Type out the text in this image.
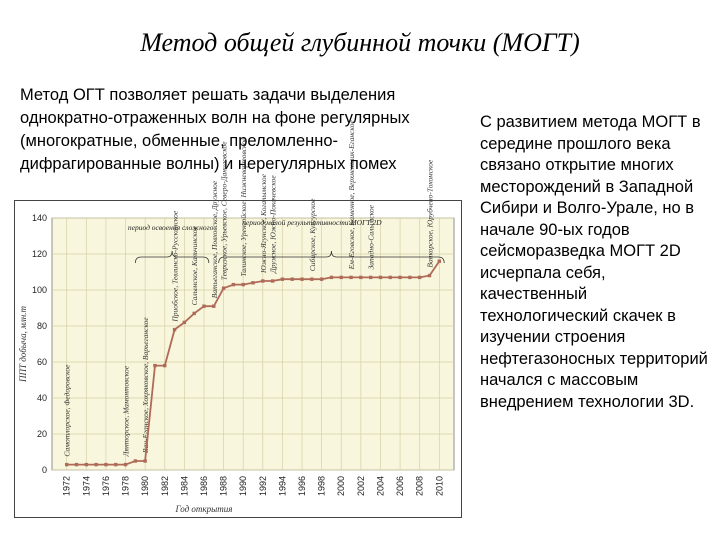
Метод общей глубинной точки (МОГТ)
Метод ОГТ позволяет решать задачи выделения однократно-отраженных волн на фоне регулярных (многократные, обменные, преломленно-дифрагированные волны) и нерегулярных помех
С развитием метода МОГТ в середине прошлого века связано открытие многих месторождений в Западной Сибири и Волго-Урале, но в начале 90-ых годов сейсморазведка МОГТ 2D исчерпала себя, качественный технологический скачек в изучении строения нефтегазоносных территорий начался с массовым внедрением технологии 3D.
0
20
40
60
80
100
120
140
1972 1974 1976 1978 1980 1982 1984 1986 1988 1990 1992 1994 1996 1998 2000 2002 2004 2006 2008 2010
Самотлорское, Федоровское	Лянторское, Мамонтовское Ван-Еганское, Хохряковское, Варьеганское
Приобское, Тевлинско-Русскинское Салымское, Кальчинское Ватьеганское, Повховское, Дружное Тевризское, Урьевское, Северо-Даниловское Талинское, Уренгойское, Нижневартовское Южно-Ягунское, Когалымское Дружное, Южно-Покачевское	Сибирское, Кунгурское	Ем-Еговское, Каменное, Верхнеколик-Еганское Западно-Салымское	Ванкорское, Юрубчено-Тохомское
период освоения сложного
период малой результативности МОГТ 2D
ППТ добыча, млн.т
Год открытия
